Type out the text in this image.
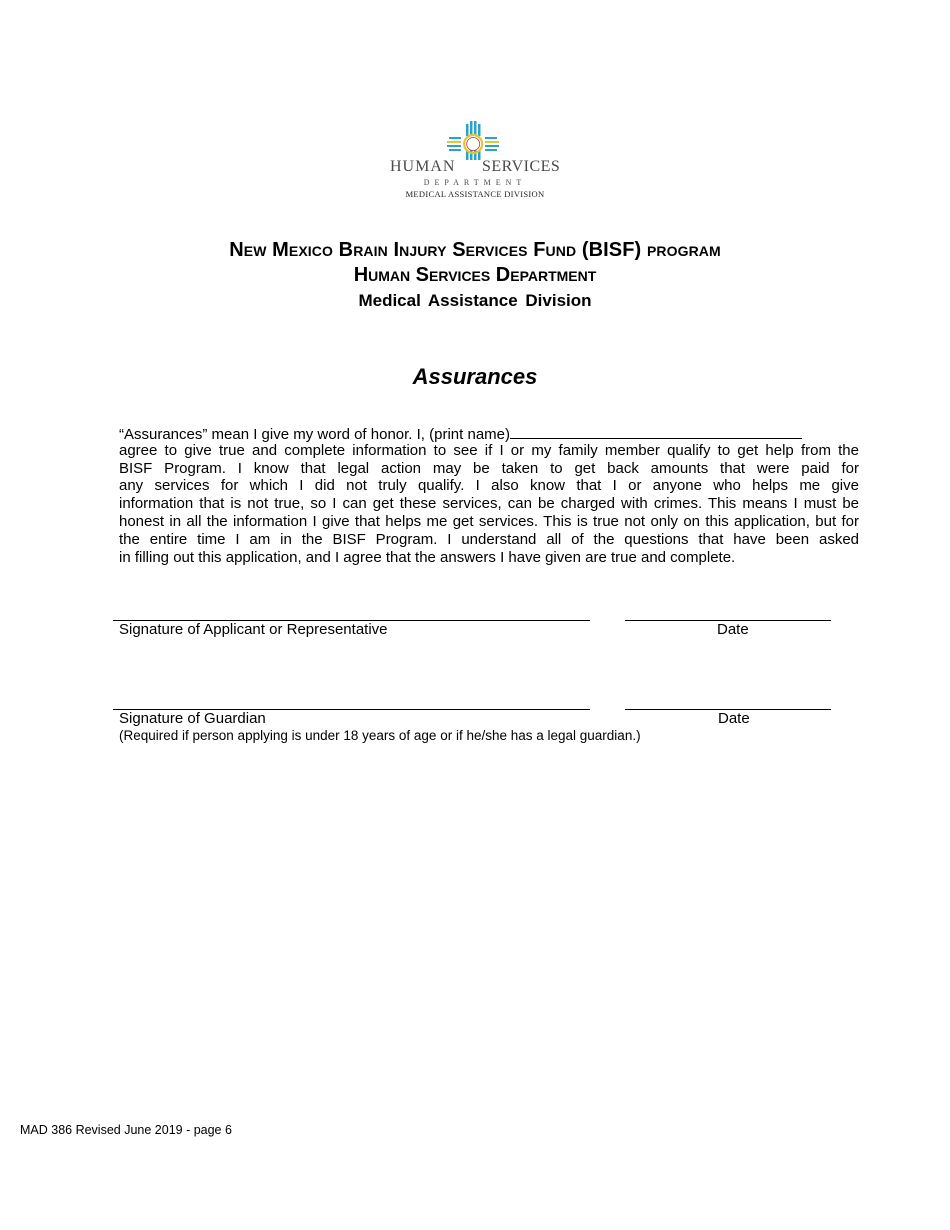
HUMAN SERVICES
DEPARTMENT
MEDICAL ASSISTANCE DIVISION
New Mexico Brain Injury Services Fund (BISF) program
Human Services Department
Medical Assistance Division
Assurances
“Assurances” mean I give my word of honor. I, (print name)
agree to give true and complete information to see if I or my family member qualify to get help from the
BISF Program. I know that legal action may be taken to get back amounts that were paid for
any services for which I did not truly qualify. I also know that I or anyone who helps me give
information that is not true, so I can get these services, can be charged with crimes. This means I must be
honest in all the information I give that helps me get services. This is true not only on this application, but for
the entire time I am in the BISF Program. I understand all of the questions that have been asked
in filling out this application, and I agree that the answers I have given are true and complete.
Signature of Applicant or Representative	Date
Signature of Guardian	Date
(Required if person applying is under 18 years of age or if he/she has a legal guardian.)
MAD 386 Revised June 2019 - page 6
